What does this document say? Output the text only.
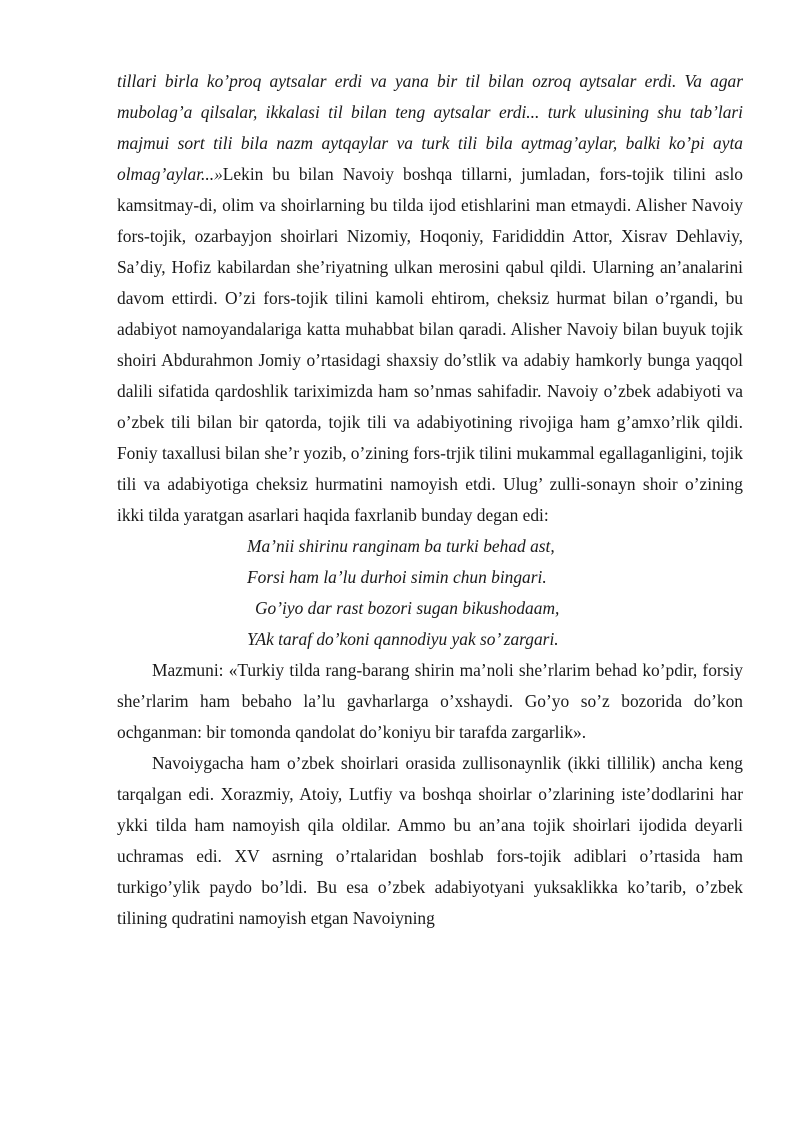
tillari birla ko’proq aytsalar erdi va yana bir til bilan ozroq aytsalar erdi. Va agar mubolag’a qilsalar, ikkalasi til bilan teng aytsalar erdi... turk ulusining shu tab’lari majmui sort tili bila nazm aytqaylar va turk tili bila aytmag’aylar, balki ko’pi ayta olmag’aylar...»Lekin bu bilan Navoiy boshqa tillarni, jumladan, fors-tojik tilini aslo kamsitmay-di, olim va shoirlarning bu tilda ijod etishlarini man etmaydi. Alisher Navoiy fors-tojik, ozarbayjon shoirlari Nizomiy, Hoqoniy, Farididdin Attor, Xisrav Dehlaviy, Sa’diy, Hofiz kabilardan she’riyatning ulkan merosini qabul qildi. Ularning an’analarini davom ettirdi. O’zi fors-tojik tilini kamoli ehtirom, cheksiz hurmat bilan o’rgandi, bu adabiyot namoyandalariga katta muhabbat bilan qaradi. Alisher Navoiy bilan buyuk tojik shoiri Abdurahmon Jomiy o’rtasidagi shaxsiy do’stlik va adabiy hamkorly bunga yaqqol dalili sifatida qardoshlik tariximizda ham so’nmas sahifadir. Navoiy o’zbek adabiyoti va o’zbek tili bilan bir qatorda, tojik tili va adabiyotining rivojiga ham g’amxo’rlik qildi. Foniy taxallusi bilan she’r yozib, o’zining fors-trjik tilini mukammal egallaganligini, tojik tili va adabiyotiga cheksiz hurmatini namoyish etdi. Ulug’ zulli-sonayn shoir o’zining ikki tilda yaratgan asarlari haqida faxrlanib bunday degan edi:

Ma’nii shirinu ranginam ba turki behad ast,
Forsi ham la’lu durhoi simin chun bingari.
Go’iyo dar rast bozori sugan bikushodaam,
YAk taraf do’koni qannodiyu yak so’ zargari.

Mazmuni: «Turkiy tilda rang-barang shirin ma’noli she’rlarim behad ko’pdir, forsiy she’rlarim ham bebaho la’lu gavharlarga o’xshaydi. Go’yo so’z bozorida do’kon ochganman: bir tomonda qandolat do’koniyu bir tarafda zargarlik».

Navoiygacha ham o’zbek shoirlari orasida zullisonaynlik (ikki tillilik) ancha keng tarqalgan edi. Xorazmiy, Atoiy, Lutfiy va boshqa shoirlar o’zlarining iste’dodlarini har ykki tilda ham namoyish qila oldilar. Ammo bu an’ana tojik shoirlari ijodida deyarli uchramas edi. XV asrning o’rtalaridan boshlab fors-tojik adiblari o’rtasida ham turkigo’ylik paydo bo’ldi. Bu esa o’zbek adabiyotyani yuksaklikka ko’tarib, o’zbek tilining qudratini namoyish etgan Navoiyning
